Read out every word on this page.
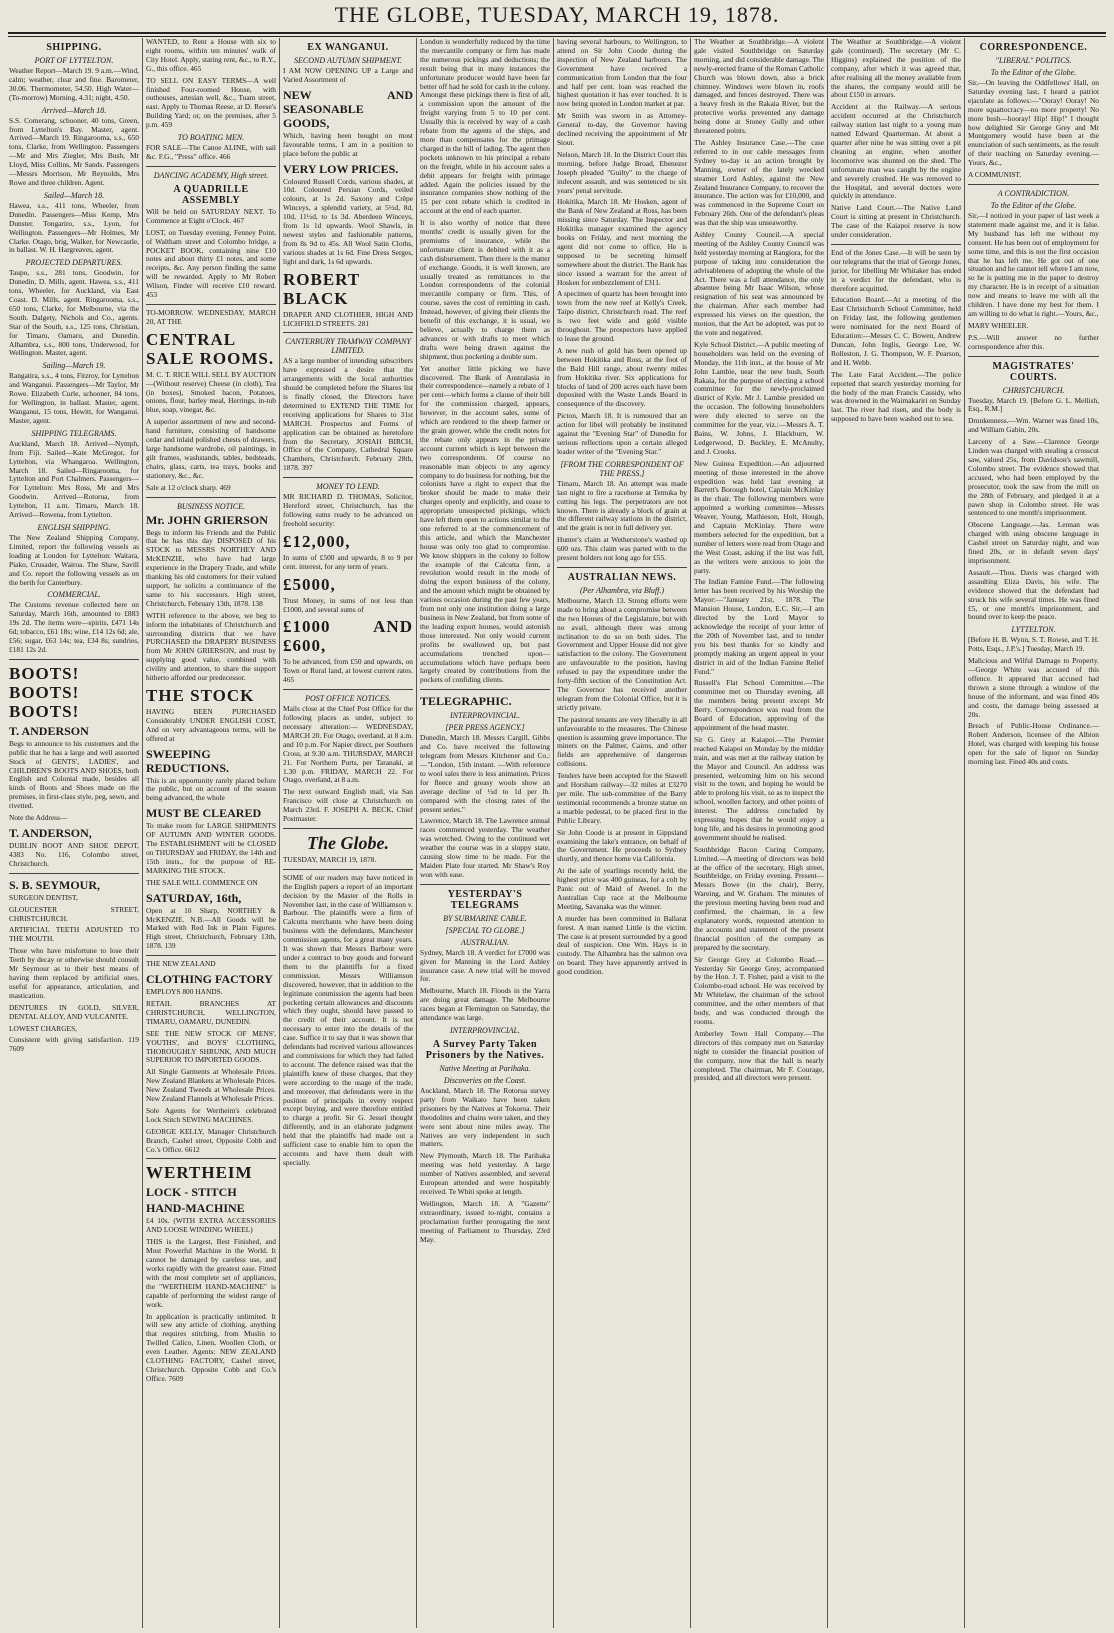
THE GLOBE, TUESDAY, MARCH 19, 1878.
SHIPPING.
PORT OF LYTTELTON.

Weather Report—March 19. 9 a.m.—Wind, calm; weather, clear and fine. Barometer, 30.06. Thermometer, 54.50. High Water—(To-morrow) Morning, 4.31; night, 4.50.

Arrived—March 18.

S.S. Comerang, schooner, 40 tons, Green, from Lyttelton's Bay. Master, agent. Arrived—March 19. Ringarooma, s.s., 650 tons, Clarke, from Wellington. Passengers—Mr and Mrs Ziegler, Mrs Bush, Mr Lloyd, Miss Collins, Mr Sands. Passengers—Messrs Morrison, Mr Reynolds, Mrs Rowe and three children. Agent.

Sailed—March 18.

Hawea, s.s., 411 tons, Wheeler, from Dunedin. Passengers—Miss Kemp, Mrs Dunster. Tongariro, s.s., Lyon, for Wellington. Passengers—Mr Holmes, Mr Clarke. Otago, brig, Walker, for Newcastle, in ballast. W. H. Hargreaves, agent.

PROJECTED DEPARTURES.

Taupo, s.s., 281 tons, Goodwin, for Dunedin, D. Mills, agent. Hawea, s.s., 411 tons, Wheeler, for Auckland, via East Coast. D. Mills, agent. Ringarooma, s.s., 650 tons, Clarke, for Melbourne, via the South. Dalgety, Nichols and Co., agents. Star of the South, s.s., 125 tons, Christian, for Timaru, Oamaru, and Dunedin. Alhambra, s.s., 800 tons, Underwood, for Wellington. Master, agent.

Sailing—March 19.

Rangatira, s.s., 4 tons, Fitzroy, for Lyttelton and Wanganui. Passengers—Mr Taylor, Mr Rowe. Elizabeth Curle, schooner, 84 tons, for Wellington, in ballast. Master, agent. Wanganui, 15 tons, Hewitt, for Wanganui. Master, agent.

SHIPPING TELEGRAMS.

Auckland, March 18. Arrived—Nymph, from Fiji. Sailed—Kate McGregor, for Lyttelton, via Whangaroa. Wellington, March 18. Sailed—Ringarooma, for Lyttelton and Port Chalmers. Passengers—For Lyttelton: Mrs Ross, Mr and Mrs Goodwin. Arrived—Rotorua, from Lyttelton, 11 a.m. Timaru, March 18. Arrived—Rowena, from Lyttelton.

ENGLISH SHIPPING.

The New Zealand Shipping Company, Limited, report the following vessels as loading at London for Lyttelton: Waitara, Piako, Crusader, Wairoa. The Shaw, Savill and Co. report the following vessels as on the berth for Canterbury.

COMMERCIAL.

The Customs revenue collected here on Saturday, March 16th, amounted to £883 19s 2d. The items were—spirits, £471 14s 6d; tobacco, £61 18s; wine, £14 12s 6d; ale, £56; sugar, £63 14s; tea, £34 8s; sundries, £181 12s 2d.

BOOTS! BOOTS! BOOTS!

T. ANDERSON

Begs to announce to his customers and the public that he has a large and well assorted Stock of GENTS', LADIES', and CHILDREN'S BOOTS AND SHOES, both English and Colonial made, besides all kinds of Boots and Shoes made on the premises, in first-class style, peg, sewn, and rivetted.

Note the Address—

T. ANDERSON,

DUBLIN BOOT AND SHOE DEPOT, 4383 No. 116, Colombo street, Christchurch.

S. B. SEYMOUR,

SURGEON DENTIST,

GLOUCESTER STREET, CHRISTCHURCH.

ARTIFICIAL TEETH ADJUSTED TO THE MOUTH.

Those who have misfortune to lose their Teeth by decay or otherwise should consult Mr Seymour as to their best means of having them replaced by artificial ones, useful for appearance, articulation, and mastication.

DENTURES IN GOLD, SILVER, DENTAL ALLOY, AND VULCANITE.

LOWEST CHARGES,

Consistent with giving satisfaction. 119 7609

WANTED, to Rent a House with six to eight rooms, within ten minutes' walk of City Hotel. Apply, stating rent, &c., to R.Y., G., this office. 465

TO SELL ON EASY TERMS—A well finished Four-roomed House, with outhouses, artesian well, &c., Tuam street, east. Apply to Thomas Reese, at D. Reese's Building Yard; or, on the premises, after 5 p.m. 459

TO BOATING MEN.

FOR SALE—The Canoe ALINE, with sail &c. F.G., "Press" office. 466

DANCING ACADEMY, High street.
A QUADRILLE ASSEMBLY

Will be held on SATURDAY NEXT. To Commence at Eight o'Clock. 467

LOST, on Tuesday evening, Fenney Point, of Waltham street and Colombo bridge, a POCKET BOOK, containing nine £10 notes and about thirty £1 notes, and some receipts, &c. Any person finding the same will be rewarded. Apply to Mr Robert Wilson, Finder will receive £10 reward. 453

TO-MORROW. WEDNESDAY, MARCH 20, AT THE

CENTRAL SALE ROOMS.

M. C. T. RICE WILL SELL BY AUCTION—(Without reserve) Cheese (in cloth), Tea (in boxes), Smoked bacon, Potatoes, onions, flour, barley meal, Herrings, in-tub blue, soap, vinegar, &c.

A superior assortment of new and second-hand furniture, consisting of handsome cedar and inlaid polished chests of drawers, large handsome wardrobe, oil paintings, in gilt frames, washstands, tables, bedsteads, chairs, glass, carts, tea trays, books and stationery, &c., &c.

Sale at 12 o'clock sharp. 469

BUSINESS NOTICE.

Mr. JOHN GRIERSON

Begs to inform his Friends and the Public that he has this day DISPOSED of his STOCK to MESSRS NORTHEY AND McKENZIE, who have had large experience in the Drapery Trade, and while thanking his old customers for their valued support, he solicits a continuance of the same to his successors. High street, Christchurch, February 13th, 1878. 138

WITH reference to the above, we beg to inform the inhabitants of Christchurch and surrounding districts that we have PURCHASED the DRAPERY BUSINESS from Mr JOHN GRIERSON, and trust by supplying good value, combined with civility and attention, to share the support hitherto afforded our predecessor.

THE STOCK

HAVING BEEN PURCHASED Considerably UNDER ENGLISH COST, And on very advantageous terms, will be offered at

SWEEPING REDUCTIONS.

This is an opportunity rarely placed before the public, but on account of the season being advanced, the whole

MUST BE CLEARED

To make room for LARGE SHIPMENTS OF AUTUMN AND WINTER GOODS. The ESTABLISHMENT will be CLOSED on THURSDAY and FRIDAY, the 14th and 15th insts., for the purpose of RE-MARKING THE STOCK.

THE SALE WILL COMMENCE ON

SATURDAY, 16th,

Open at 10 Sharp, NORTHEY & McKENZIE. N.B.—All Goods will be Marked with Red Ink in Plain Figures. High street, Christchurch, February 13th, 1878. 139

THE NEW ZEALAND

CLOTHING FACTORY

EMPLOYS 800 HANDS.

RETAIL BRANCHES AT CHRISTCHURCH, WELLINGTON, TIMARU, OAMARU, DUNEDIN.

SEE THE NEW STOCK OF MENS', YOUTHS', and BOYS' CLOTHING, THOROUGHLY SHRUNK, AND MUCH SUPERIOR TO IMPORTED GOODS.

All Single Garments at Wholesale Prices. New Zealand Blankets at Wholesale Prices. New Zealand Tweeds at Wholesale Prices. New Zealand Flannels at Wholesale Prices.

Sole Agents for Wertheim's celebrated Lock Stitch SEWING MACHINES.

GEORGE KELLY, Manager Christchurch Branch, Cashel street, Opposite Cobb and Co.'s Office. 6612

WERTHEIM

LOCK - STITCH

HAND-MACHINE

£4 10s. (WITH EXTRA ACCESSORIES AND LOOSE WINDING WHEEL)

THIS is the Largest, Best Finished, and Most Powerful Machine in the World. It cannot be damaged by careless use, and works rapidly with the greatest ease. Fitted with the most complete set of appliances, the "WERTHEIM HAND-MACHINE" is capable of performing the widest range of work.

In application is practically unlimited. It will sew any article of clothing, anything that requires stitching, from Muslin to Twilled Calico, Linen, Woollen Cloth, or even Leather. Agents: NEW ZEALAND CLOTHING FACTORY, Cashel street, Christchurch. Opposite Cobb and Co.'s Office. 7609

EX WANGANUI.
SECOND AUTUMN SHIPMENT.

I AM NOW OPENING UP a Large and Varied Assortment of

NEW AND SEASONABLE GOODS,

Which, having been bought on most favourable terms, I am in a position to place before the public at

VERY LOW PRICES.

Coloured Russell Cords, various shades, at 10d. Coloured Persian Cords, veiled colours, at 1s 2d. Saxony and Crêpe Winceys, a splendid variety, at 5½d, 8d, 10d, 11½d, to 1s 3d. Aberdeen Winceys, from 1s 1d upwards. Wool Shawls, in newest styles and fashionable patterns, from 8s 9d to 45s. All Wool Satin Cloths, various shades at 1s 6d. Fine Dress Serges, light and dark, 1s 6d upwards.

ROBERT BLACK

DRAPER AND CLOTHIER, HIGH AND LICHFIELD STREETS. 281

CANTERBURY TRAMWAY COMPANY LIMITED.

AS a large number of intending subscribers have expressed a desire that the arrangements with the local authorities should be completed before the Shares list is finally closed, the Directors have determined to EXTEND THE TIME for receiving applications for Shares to 31st MARCH. Prospectus and Forms of application can be obtained as heretofore from the Secretary, JOSIAH BIRCH, Office of the Company, Cathedral Square Chambers, Christchurch. February 28th, 1878. 397

MONEY TO LEND.

MR RICHARD D. THOMAS, Solicitor, Hereford street, Christchurch, has the following sums ready to be advanced on freehold security:

£12,000,

In sums of £500 and upwards, 8 to 9 per cent. interest, for any term of years.

£5000,

Trust Money, in sums of not less than £1000, and several sums of

£1000 AND £600,

To be advanced, from £50 and upwards, on Town or Rural land, at lowest current rates. 465

POST OFFICE NOTICES.

Mails close at the Chief Post Office for the following places as under, subject to necessary alteration:— WEDNESDAY, MARCH 20. For Otago, overland, at 8 a.m. and 10 p.m. For Napier direct, per Southern Cross, at 9.30 a.m. THURSDAY, MARCH 21. For Northern Ports, per Taranaki, at 1.30 p.m. FRIDAY, MARCH 22. For Otago, overland, at 8 a.m.

The next outward English mail, via San Francisco will close at Christchurch on March 23rd. F. JOSEPH A. BECK, Chief Postmaster.

The Globe.

TUESDAY, MARCH 19, 1878.

SOME of our readers may have noticed in the English papers a report of an important decision by the Master of the Rolls in November last, in the case of Williamson v. Barbour. The plaintiffs were a firm of Calcutta merchants who have been doing business with the defendants, Manchester commission agents, for a great many years. It was shown that Messrs Barbour were under a contract to buy goods and forward them to the plaintiffs for a fixed commission. Messrs Williamson discovered, however, that in addition to the legitimate commission the agents had been pocketing certain allowances and discounts which they ought, should have passed to the credit of their account. It is not necessary to enter into the details of the case. Suffice it to say that it was shown that defendants had received various allowances and commissions for which they had failed to account. The defence raised was that the plaintiffs knew of these charges, that they were according to the usage of the trade, and moreover, that defendants were in the position of principals in every respect except buying, and were therefore entitled to charge a profit. Sir G. Jessel thought differently, and in an elaborate judgment held that the plaintiffs had made out a sufficient case to enable him to open the accounts and have them dealt with specially.

London is wonderfully reduced by the time the mercantile company or firm has made the numerous pickings and deductions; the result being that in many instances the unfortunate producer would have been far better off had he sold for cash in the colony. Amongst these pickings there is first of all, a commission upon the amount of the freight varying from 5 to 10 per cent. Usually this is received by way of a cash rebate from the agents of the ships, and more than compensates for the primage charged in the bill of lading. The agent then pockets unknown to his principal a rebate on the freight, while in his account sales a debit appears for freight with primage added. Again the policies issued by the insurance companies show nothing of the 15 per cent rebate which is credited in account at the end of each quarter.

It is also worthy of notice that three months' credit is usually given for the premiums of insurance, while the unfortunate client is debited with it as a cash disbursement. Then there is the matter of exchange. Goods, it is well known, are usually treated as remittances to the London correspondents of the colonial mercantile company or firm. This, of course, saves the cost of remitting in cash. Instead, however, of giving their clients the benefit of this exchange, it is usual, we believe, actually to charge them as advances or with drafts to meet which drafts were being drawn against the shipment, thus pocketing a double sum.

Yet another little picking we have discovered. The Bank of Australasia in their correspondence—namely a rebate of 1 per cent—which forms a clause of their bill for the commission charged, appears, however, in the account sales, some of which are rendered to the sheep farmer or the grain grower, while the credit notes for the rebate only appears in the private account current which is kept between the two correspondents. Of course no reasonable man objects to any agency company to do business for nothing, but the colonists have a right to expect that the broker should be made to make their charges openly and explicitly, and cease to appropriate unsuspected pickings, which have left them open to actions similar to the one referred to at the commencement of this article, and which the Manchester house was only too glad to compromise. We know shippers in the colony to follow the example of the Calcutta firm, a revolution would result in the mode of doing the export business of the colony, and the amount which might be obtained by various occasion during the past few years, from not only one institution doing a large business in New Zealand, but from some of the leading export houses, would astonish those interested. Not only would current profits be swallowed up, but past accumulations trenched upon—accumulations which have perhaps been largely created by contributions from the pockets of confiding clients.

TELEGRAPHIC.

INTERPROVINCIAL.
[PER PRESS AGENCY.]

Dunedin, March 18. Messrs Cargill, Gibbs and Co. have received the following telegram from Messrs Kitchener and Co.:—"London, 15th instant. —With reference to wool sales there is less animation. Prices for fleece and greasy wools show an average decline of ½d to 1d per lb. compared with the closing rates of the present series."

Lawrence, March 18. The Lawrence annual races commenced yesterday. The weather was wretched. Owing to the continued wet weather the course was in a sloppy state, causing slow time to be made. For the Maiden Plate four started. Mr Shaw's Roy won with ease.

YESTERDAY'S TELEGRAMS
BY SUBMARINE CABLE.
[SPECIAL TO GLOBE.]
AUSTRALIAN.

Sydney, March 18. A verdict for £7000 was given for Manning in the Lord Ashley insurance case. A new trial will be moved for.

Melbourne, March 18. Floods in the Yarra are doing great damage. The Melbourne races began at Flemington on Saturday, the attendance was large.

INTERPROVINCIAL.
A Survey Party Taken Prisoners by the Natives.
Native Meeting at Parihaka.
Discoveries on the Coast.

Auckland, March 18. The Rotorua survey party from Waikato have been taken prisoners by the Natives at Tokoroa. Their theodolites and chains were taken, and they were sent about nine miles away. The Natives are very independent in such matters.

New Plymouth, March 18. The Parihaka meeting was held yesterday. A large number of Natives assembled, and several European attended and were hospitably received. Te Whiti spoke at length.

Wellington, March 18. A "Gazette" extraordinary, issued to-night, contains a proclamation further prorogating the next meeting of Parliament to Thursday, 23rd May.

having several harbours, to Wellington, to attend on Sir John Coode during the inspection of New Zealand harbours. The Government have received a communication from London that the four and half per cent. loan was reached the highest quotation it has ever touched. It is now being quoted in London market at par.

Mr Smith was sworn in as Attorney-General to-day, the Governor having declined receiving the appointment of Mr Stout.

Nelson, March 18. In the District Court this morning, before Judge Broad, Ebenezer Joseph pleaded "Guilty" to the charge of indecent assault, and was sentenced to six years' penal servitude.

Hokitika, March 18. Mr Hosken, agent of the Bank of New Zealand at Ross, has been missing since Saturday. The Inspector and Hokitika manager examined the agency books on Friday, and next morning the agent did not come to office. He is supposed to be secreting himself somewhere about the district. The Bank has since issued a warrant for the arrest of Hosken for embezzlement of £311.

A specimen of quartz has been brought into town from the new reef at Kelly's Creek, Taipo district, Christchurch road. The reef is two feet wide and gold visible throughout. The prospectors have applied to lease the ground.

A new rush of gold has been opened up between Hokitika and Ross, at the foot of the Bald Hill range, about twenty miles from Hokitika river. Six applications for blocks of land of 200 acres each have been deposited with the Waste Lands Board in consequence of the discovery.

Picton, March 18. It is rumoured that an action for libel will probably be instituted against the "Evening Star" of Dunedin for serious reflections upon a certain alleged leader writer of the "Evening Star."

[FROM THE CORRESPONDENT OF THE PRESS.]

Timaru, March 18. An attempt was made last night to fire a racehorse at Temuka by cutting his legs. The perpetrators are not known. There is already a block of grain at the different railway stations in the district, and the grain is not in full delivery yet.

Hunter's claim at Wetherstone's washed up 600 ozs. This claim was parted with to the present holders not long ago for £55.

AUSTRALIAN NEWS.
(Per Alhambra, via Bluff.)

Melbourne, March 13. Strong efforts were made to bring about a compromise between the two Houses of the Legislature, but with no avail, although there was strong inclination to do so on both sides. The Government and Upper House did not give satisfaction to the colony. The Government are unfavourable to the position, having refused to pay the expenditure under the forty-fifth section of the Constitution Act. The Governor has received another telegram from the Colonial Office, but it is strictly private.

The pastoral tenants are very liberally in all unfavourable to the measures. The Chinese question is assuming grave importance. The miners on the Palmer, Cairns, and other fields are apprehensive of dangerous collisions.

Tenders have been accepted for the Stawell and Horsham railway—32 miles at £3270 per mile. The sub-committee of the Barry testimonial recommends a bronze statue on a marble pedestal, to be placed first in the Public Library.

Sir John Coode is at present in Gippsland examining the lake's entrance, on behalf of the Government. He proceeds to Sydney shortly, and thence home via California.

At the sale of yearlings recently held, the highest price was 400 guineas, for a colt by Panic out of Maid of Avenel. In the Australian Cup race at the Melbourne Meeting, Savanaka was the winner.

A murder has been committed in Ballarat forest. A man named Little is the victim. The case is at present surrounded by a good deal of suspicion. One Wm. Hays is in custody. The Alhambra has the salmon ova on board. They have apparently arrived in good condition.

The Weather at Southbridge.—A violent gale visited Southbridge on Saturday morning, and did considerable damage. The newly-erected frame of the Roman Catholic Church was blown down, also a brick chimney. Windows were blown in, roofs damaged, and fences destroyed. There was a heavy fresh in the Rakaia River, but the protective works prevented any damage being done at Stoney Gully and other threatened points.

The Ashley Insurance Case.—The case referred to in our cable messages from Sydney to-day is an action brought by Manning, owner of the lately wrecked steamer Lord Ashley, against the New Zealand Insurance Company, to recover the insurance. The action was for £10,000, and was commenced in the Supreme Court on February 26th. One of the defendant's pleas was that the ship was unseaworthy.

Ashley County Council.—A special meeting of the Ashley County Council was held yesterday morning at Rangiora, for the purpose of taking into consideration the advisableness of adopting the whole of the Act. There was a full attendance, the only absentee being Mr Isaac Wilson, whose resignation of his seat was announced by the chairman. After each member had expressed his views on the question, the motion, that the Act be adopted, was put to the vote and negatived.

Kyle School District.—A public meeting of householders was held on the evening of Monday, the 11th inst., at the house of Mr John Lambie, near the new bush, South Rakaia, for the purpose of electing a school committee for the newly-proclaimed district of Kyle. Mr J. Lambie presided on the occasion. The following householders were duly elected to serve on the committee for the year, viz.:—Messrs A. T. Bains, W. Johns, J. Blackburn, W. Ledgerwood, D. Buckley, E. McAnulty, and J. Crooks.

New Guinea Expedition.—An adjourned meeting of those interested in the above expedition was held last evening at Barrett's Borough hotel, Captain McKinlay in the chair. The following members were appointed a working committee—Messrs Weaver, Young, Mathieson, Holt, Hough, and Captain McKinlay. There were members selected for the expedition, but a number of letters were read from Otago and the West Coast, asking if the list was full, as the writers were anxious to join the party.

The Indian Famine Fund.—The following letter has been received by his Worship the Mayor:—"January 21st, 1878. The Mansion House, London, E.C. Sir,—I am directed by the Lord Mayor to acknowledge the receipt of your letter of the 20th of November last, and to tender you his best thanks for so kindly and promptly making an urgent appeal in your district in aid of the Indian Famine Relief Fund."

Russell's Flat School Committee.—The committee met on Thursday evening, all the members being present except Mr Berry. Correspondence was read from the Board of Education, approving of the appointment of the head master.

Sir G. Grey at Kaiapoi.—The Premier reached Kaiapoi on Monday by the midday train, and was met at the railway station by the Mayor and Council. An address was presented, welcoming him on his second visit to the town, and hoping he would be able to prolong his visit, so as to inspect the school, woollen factory, and other points of interest. The address concluded by expressing hopes that he would enjoy a long life, and his desires in promoting good government should be realised.

Southbridge Bacon Curing Company, Limited.—A meeting of directors was held at the office of the secretary, High street, Southbridge, on Friday evening. Present—Messrs Bowe (in the chair), Berry, Wareing, and W. Graham. The minutes of the previous meeting having been read and confirmed, the chairman, in a few explanatory words, requested attention to the accounts and statement of the present financial position of the company as prepared by the secretary.

Sir George Grey at Colombo Road.—Yesterday Sir George Grey, accompanied by the Hon. J. T. Fisher, paid a visit to the Colombo-road school. He was received by Mr Whitelaw, the chairman of the school committee, and the other members of that body, and was conducted through the rooms.

Amberley Town Hall Company.—The directors of this company met on Saturday night to consider the financial position of the company, now that the hall is nearly completed. The chairman, Mr F. Courage, presided, and all directors were present.

The Weather at Southbridge.—A violent gale (continued). The secretary (Mr C. Higgins) explained the position of the company, after which it was agreed that, after realising all the money available from the shares, the company would still be about £150 in arrears.

Accident at the Railway.—A serious accident occurred at the Christchurch railway station last night to a young man named Edward Quarterman. At about a quarter after nine he was sitting over a pit cleaning an engine, when another locomotive was shunted on the shed. The unfortunate man was caught by the engine and severely crushed. He was removed to the Hospital, and several doctors were quickly in attendance.

Native Land Court.—The Native Land Court is sitting at present in Christchurch. The case of the Kaiapoi reserve is now under consideration.

End of the Jones Case.—It will be seen by our telegrams that the trial of George Jones, jurior, for libelling Mr Whitaker has ended in a verdict for the defendant, who is therefore acquitted.

Education Board.—At a meeting of the East Christchurch School Committee, held on Friday last, the following gentlemen were nominated for the next Board of Education:—Messrs C. C. Bowen, Andrew Duncan, John Inglis, George Lee, W. Rolleston, J. G. Thompson, W. F. Pearson, and H. Webb.

The Late Fatal Accident.—The police reported that search yesterday morning for the body of the man Francis Cassidy, who was drowned in the Waimakariri on Sunday last. The river had risen, and the body is supposed to have been washed out to sea.

CORRESPONDENCE.
"LIBERAL" POLITICS.
To the Editor of the Globe.

Sir,—On leaving the Oddfellows' Hall, on Saturday evening last, I heard a patriot ejaculate as follows:—"Ooray! Ooray! No more squattocracy—no more property! No more bush—hooray! Hip! Hip!" I thought how delighted Sir George Grey and Mr Montgomery would have been at the enunciation of such sentiments, as the result of their teaching on Saturday evening.—Yours, &c.,

A COMMUNIST.

A CONTRADICTION.
To the Editor of the Globe.

Sir,—I noticed in your paper of last week a statement made against me, and it is false. My husband has left me without my consent. He has been out of employment for some time, and this is not the first occasion that he has left me. He got out of one situation and he cannot tell where I am now, so he is putting me in the paper to destroy my character. He is in receipt of a situation now and means to leave me with all the children. I have done my best for them. I am willing to do what is right.—Yours, &c.,

MARY WHEELER.

P.S.—Will answer no further correspondence after this.

MAGISTRATES' COURTS.
CHRISTCHURCH.

Tuesday, March 19. [Before G. L. Mellish, Esq., R.M.]

Drunkenness.—Wm. Warner was fined 10s, and William Gabin, 20s.

Larceny of a Saw.—Clarence George Linden was charged with stealing a crosscut saw, valued 25s, from Davidson's sawmill, Colombo street. The evidence showed that accused, who had been employed by the prosecutor, took the saw from the mill on the 28th of February, and pledged it at a pawn shop in Colombo street. He was sentenced to one month's imprisonment.

Obscene Language.—Jas. Lennan was charged with using obscene language in Cashel street on Saturday night, and was fined 20s, or in default seven days' imprisonment.

Assault.—Thos. Davis was charged with assaulting Eliza Davis, his wife. The evidence showed that the defendant had struck his wife several times. He was fined £5, or one month's imprisonment, and bound over to keep the peace.

LYTTELTON.

[Before H. B. Wynn, S. T. Rowse, and T. H. Potts, Esqs., J.P.'s.] Tuesday, March 19.

Malicious and Wilful Damage to Property.—George White was accused of this offence. It appeared that accused had thrown a stone through a window of the house of the informant, and was fined 40s and costs, the damage being assessed at 20s.

Breach of Public-House Ordinance.—Robert Anderson, licensee of the Albion Hotel, was charged with keeping his house open for the sale of liquor on Sunday morning last. Fined 40s and costs.
